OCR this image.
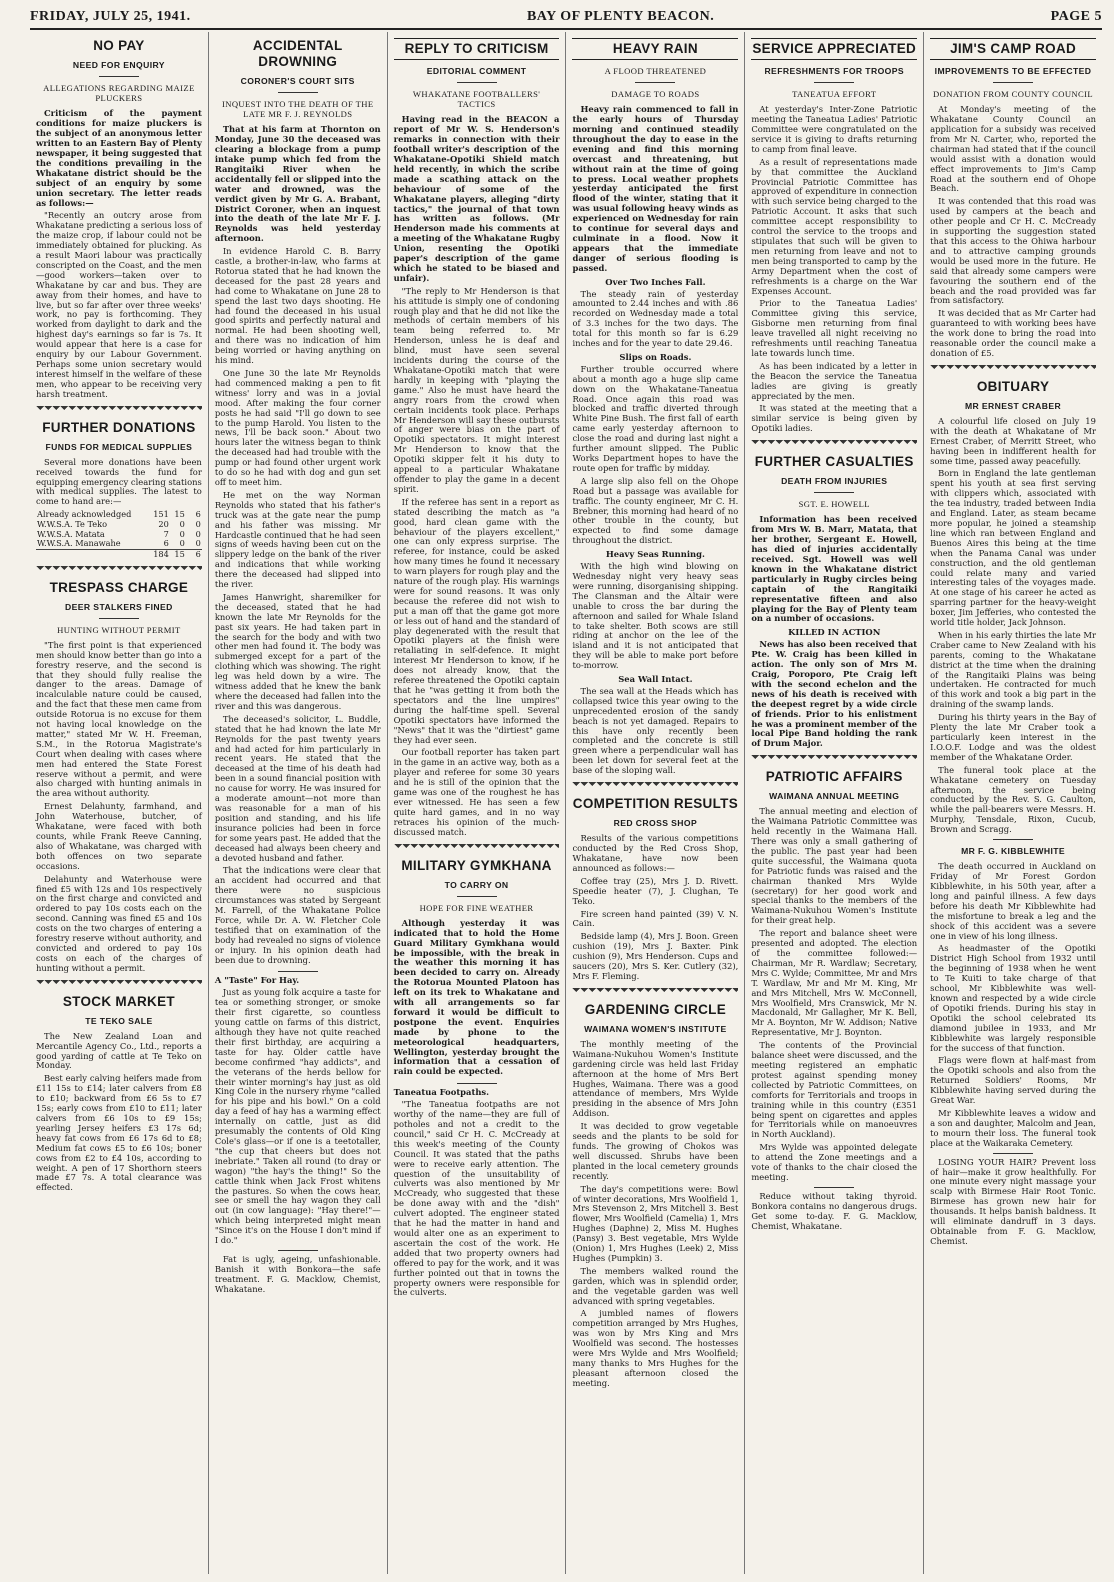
FRIDAY, JULY 25, 1941.	BAY OF PLENTY BEACON.	PAGE 5
NO PAY
NEED FOR ENQUIRY
ALLEGATIONS REGARDING MAIZE PLUCKERS

Criticism of the payment conditions for maize pluckers is the subject of an anonymous letter written to an Eastern Bay of Plenty newspaper, it being suggested that the conditions prevailing in the Whakatane district should be the subject of an enquiry by some union secretary. The letter reads as follows:—

"Recently an outcry arose from Whakatane predicting a serious loss of the maize crop, if labour could not be immediately obtained for plucking. As a result Maori labour was practically conscripted on the Coast, and the men—good workers—taken over to Whakatane by car and bus. They are away from their homes, and have to live, but so far after over three weeks' work, no pay is forthcoming. They worked from daylight to dark and the highest day's earnings so far is 7s. It would appear that here is a case for enquiry by our Labour Government. Perhaps some union secretary would interest himself in the welfare of these men, who appear to be receiving very harsh treatment.

FURTHER DONATIONS
FUNDS FOR MEDICAL SUPPLIES

Several more donations have been received towards the fund for equipping emergency clearing stations with medical supplies. The latest to come to hand are:—

Already acknowledged	151	15	6
W.W.S.A. Te Teko	20	0	0
W.W.S.A. Matata	7	0	0
W.W.S.A. Manawahe	6	0	0
	184	15	6
TRESPASS CHARGE
DEER STALKERS FINED
HUNTING WITHOUT PERMIT

"The first point is that experienced men should know better than go into a forestry reserve, and the second is that they should fully realise the danger to the areas. Damage of incalculable nature could be caused, and the fact that these men came from outside Rotorua is no excuse for them not having local knowledge on the matter," stated Mr W. H. Freeman, S.M., in the Rotorua Magistrate's Court when dealing with cases where men had entered the State Forest reserve without a permit, and were also charged with hunting animals in the area without authority.

Ernest Delahunty, farmhand, and John Waterhouse, butcher, of Whakatane, were faced with both counts, while Frank Reeve Canning, also of Whakatane, was charged with both offences on two separate occasions.

Delahunty and Waterhouse were fined £5 with 12s and 10s respectively on the first charge and convicted and ordered to pay 10s costs each on the second. Canning was fined £5 and 10s costs on the two charges of entering a forestry reserve without authority, and convicted and ordered to pay 10s costs on each of the charges of hunting without a permit.

STOCK MARKET
TE TEKO SALE

The New Zealand Loan and Mercantile Agency Co., Ltd., reports a good yarding of cattle at Te Teko on Monday.

Best early calving heifers made from £11 15s to £14; later calvers from £8 to £10; backward from £6 5s to £7 15s; early cows from £10 to £11; later calvers from £6 10s to £9 15s; yearling Jersey heifers £3 17s 6d; heavy fat cows from £6 17s 6d to £8; Medium fat cows £5 to £6 10s; boner cows from £2 to £4 10s, according to weight. A pen of 17 Shorthorn steers made £7 7s. A total clearance was effected.

ACCIDENTAL DROWNING
CORONER'S COURT SITS
INQUEST INTO THE DEATH OF THE LATE MR F. J. REYNOLDS

That at his farm at Thornton on Monday, June 30 the deceased was clearing a blockage from a pump intake pump which fed from the Rangitaiki River when he accidentally fell or slipped into the water and drowned, was the verdict given by Mr G. A. Brabant, District Coroner, when an inquest into the death of the late Mr F. J. Reynolds was held yesterday afternoon.

In evidence Harold C. B. Barry castle, a brother-in-law, who farms at Rotorua stated that he had known the deceased for the past 28 years and had come to Whakatane on June 28 to spend the last two days shooting. He had found the deceased in his usual good spirits and perfectly natural and normal. He had been shooting well, and there was no indication of him being worried or having anything on his mind.

One June 30 the late Mr Reynolds had commenced making a pen to fit witness' lorry and was in a jovial mood. After making the four corner posts he had said "I'll go down to see to the pump Harold. You listen to the news, I'll be back soon." About two hours later the witness began to think the deceased had had trouble with the pump or had found other urgent work to do so he had with dog and gun set off to meet him.

He met on the way Norman Reynolds who stated that his father's truck was at the gate near the pump and his father was missing. Mr Hardcastle continued that he had seen signs of weeds having been cut on the slippery ledge on the bank of the river and indications that while working there the deceased had slipped into the river.

James Hanwright, sharemilker for the deceased, stated that he had known the late Mr Reynolds for the past six years. He had taken part in the search for the body and with two other men had found it. The body was submerged except for a part of the clothing which was showing. The right leg was held down by a wire. The witness added that he knew the bank where the deceased had fallen into the river and this was dangerous.

The deceased's solicitor, L. Buddle, stated that he had known the late Mr Reynolds for the past twenty years and had acted for him particularly in recent years. He stated that the deceased at the time of his death had been in a sound financial position with no cause for worry. He was insured for a moderate amount—not more than was reasonable for a man of his position and standing, and his life insurance policies had been in force for some years past. He added that the deceased had always been cheery and a devoted husband and father.

That the indications were clear that an accident had occurred and that there were no suspicious circumstances was stated by Sergeant M. Farrell, of the Whakatane Police Force, while Dr. A. W. Fletcher Cole testified that on examination of the body had revealed no signs of violence or injury. In his opinion death had been due to drowning.

A "Taste" For Hay.

Just as young folk acquire a taste for tea or something stronger, or smoke their first cigarette, so countless young cattle on farms of this district, although they have not quite reached their first birthday, are acquiring a taste for hay. Older cattle have become confirmed "hay addicts", and the veterans of the herds bellow for their winter morning's hay just as old King Cole in the nursery rhyme "called for his pipe and his bowl." On a cold day a feed of hay has a warming effect internally on cattle, just as did presumably the contents of Old King Cole's glass—or if one is a teetotaller, "the cup that cheers but does not inebriate." Taken all round (to dray or wagon) "the hay's the thing!" So the cattle think when Jack Frost whitens the pastures. So when the cows hear, see or smell the hay wagon they call out (in cow language): "Hay there!"—which being interpreted might mean "Since it's on the House I don't mind if I do."

Fat is ugly, ageing, unfashionable. Banish it with Bonkora—the safe treatment. F. G. Macklow, Chemist, Whakatane.

REPLY TO CRITICISM
EDITORIAL COMMENT
WHAKATANE FOOTBALLERS' TACTICS

Having read in the BEACON a report of Mr W. S. Henderson's remarks in connection with their football writer's description of the Whakatane-Opotiki Shield match held recently, in which the scribe made a scathing attack on the behaviour of some of the Whakatane players, alleging "dirty tactics," the journal of that town has written as follows. (Mr Henderson made his comments at a meeting of the Whakatane Rugby Union, resenting the Opotiki paper's description of the game which he stated to be biased and unfair).

"The reply to Mr Henderson is that his attitude is simply one of condoning rough play and that he did not like the methods of certain members of his team being referred to. Mr Henderson, unless he is deaf and blind, must have seen several incidents during the course of the Whakatane-Opotiki match that were hardly in keeping with "playing the game." Also he must have heard the angry roars from the crowd when certain incidents took place. Perhaps Mr Henderson will say these outbursts of anger were bias on the part of Opotiki spectators. It might interest Mr Henderson to know that the Opotiki skipper felt it his duty to appeal to a particular Whakatane offender to play the game in a decent spirit.

If the referee has sent in a report as stated describing the match as "a good, hard clean game with the behaviour of the players excellent," one can only express surprise. The referee, for instance, could be asked how many times he found it necessary to warn players for rough play and the nature of the rough play. His warnings were for sound reasons. It was only because the referee did not wish to put a man off that the game got more or less out of hand and the standard of play degenerated with the result that Opotiki players at the finish were retaliating in self-defence. It might interest Mr Henderson to know, if he does not already know, that the referee threatened the Opotiki captain that he "was getting it from both the spectators and the line umpires" during the half-time spell. Several Opotiki spectators have informed the "News" that it was the "dirtiest" game they had ever seen.

Our football reporter has taken part in the game in an active way, both as a player and referee for some 30 years and he is still of the opinion that the game was one of the roughest he has ever witnessed. He has seen a few quite hard games, and in no way retraces his opinion of the much-discussed match.

MILITARY GYMKHANA
TO CARRY ON
HOPE FOR FINE WEATHER

Although yesterday it was indicated that to hold the Home Guard Military Gymkhana would be impossible, with the break in the weather this morning it has been decided to carry on. Already the Rotorua Mounted Platoon has left on its trek to Whakatane and with all arrangements so far forward it would be difficult to postpone the event. Enquiries made by phone to the meteorological headquarters, Wellington, yesterday brought the information that a cessation of rain could be expected.

Taneatua Footpaths.

"The Taneatua footpaths are not worthy of the name—they are full of potholes and not a credit to the council," said Cr H. C. McCready at this week's meeting of the County Council. It was stated that the paths were to receive early attention. The question of the unsuitability of culverts was also mentioned by Mr McCready, who suggested that these be done away with and the "dish" culvert adopted. The engineer stated that he had the matter in hand and would alter one as an experiment to ascertain the cost of the work. He added that two property owners had offered to pay for the work, and it was further pointed out that in towns the property owners were responsible for the culverts.

HEAVY RAIN
A FLOOD THREATENED
DAMAGE TO ROADS

Heavy rain commenced to fall in the early hours of Thursday morning and continued steadily throughout the day to ease in the evening and find this morning overcast and threatening, but without rain at the time of going to press. Local weather prophets yesterday anticipated the first flood of the winter, stating that it was usual following heavy winds as experienced on Wednesday for rain to continue for several days and culminate in a flood. Now it appears that the immediate danger of serious flooding is passed.

Over Two Inches Fall.

The steady rain of yesterday amounted to 2.44 inches and with .86 recorded on Wednesday made a total of 3.3 inches for the two days. The total for this month so far is 6.29 inches and for the year to date 29.46.

Slips on Roads.

Further trouble occurred where about a month ago a huge slip came down on the Whakatane-Taneatua Road. Once again this road was blocked and traffic diverted through White Pine Bush. The first fall of earth came early yesterday afternoon to close the road and during last night a further amount slipped. The Public Works Department hopes to have the route open for traffic by midday.

A large slip also fell on the Ohope Road but a passage was available for traffic. The county engineer, Mr C. H. Brebner, this morning had heard of no other trouble in the county, but expected to find some damage throughout the district.

Heavy Seas Running.

With the high wind blowing on Wednesday night very heavy seas were running, disorganising shipping. The Clansman and the Altair were unable to cross the bar during the afternoon and sailed for Whale Island to take shelter. Both scows are still riding at anchor on the lee of the island and it is not anticipated that they will be able to make port before to-morrow.

Sea Wall Intact.

The sea wall at the Heads which has collapsed twice this year owing to the unprecedented erosion of the sandy beach is not yet damaged. Repairs to this have only recently been completed and the concrete is still green where a perpendicular wall has been let down for several feet at the base of the sloping wall.

COMPETITION RESULTS
RED CROSS SHOP

Results of the various competitions conducted by the Red Cross Shop, Whakatane, have now been announced as follows:—

Coffee tray (25), Mrs J. D. Rivett. Speedie heater (7), J. Clughan, Te Teko.

Fire screen hand painted (39) V. N. Cain.

Bedside lamp (4), Mrs J. Boon. Green cushion (19), Mrs J. Baxter. Pink cushion (9), Mrs Henderson. Cups and saucers (20), Mrs S. Ker. Cutlery (32), Mrs F. Fleming.

GARDENING CIRCLE
WAIMANA WOMEN'S INSTITUTE

The monthly meeting of the Waimana-Nukuhou Women's Institute gardening circle was held last Friday afternoon at the home of Mrs Bert Hughes, Waimana. There was a good attendance of members, Mrs Wylde presiding in the absence of Mrs John Addison.

It was decided to grow vegetable seeds and the plants to be sold for funds. The growing of Chokos was well discussed. Shrubs have been planted in the local cemetery grounds recently.

The day's competitions were: Bowl of winter decorations, Mrs Woolfield 1, Mrs Stevenson 2, Mrs Mitchell 3. Best flower, Mrs Woolfield (Camelia) 1, Mrs Hughes (Daphne) 2, Miss M. Hughes (Pansy) 3. Best vegetable, Mrs Wylde (Onion) 1, Mrs Hughes (Leek) 2, Miss Hughes (Pumpkin) 3.

The members walked round the garden, which was in splendid order, and the vegetable garden was well advanced with spring vegetables.

A jumbled names of flowers competition arranged by Mrs Hughes, was won by Mrs King and Mrs Woolfield was second. The hostesses were Mrs Wylde and Mrs Woolfield; many thanks to Mrs Hughes for the pleasant afternoon closed the meeting.

SERVICE APPRECIATED
REFRESHMENTS FOR TROOPS
TANEATUA EFFORT

At yesterday's Inter-Zone Patriotic meeting the Taneatua Ladies' Patriotic Committee were congratulated on the service it is giving to drafts returning to camp from final leave.

As a result of representations made by that committee the Auckland Provincial Patriotic Committee has approved of expenditure in connection with such service being charged to the Patriotic Account. It asks that such committee accept responsibility to control the service to the troops and stipulates that such will be given to men returning from leave and not to men being transported to camp by the Army Department when the cost of refreshments is a charge on the War Expenses Account.

Prior to the Taneatua Ladies' Committee giving this service, Gisborne men returning from final leave travelled all night receiving no refreshments until reaching Taneatua late towards lunch time.

As has been indicated by a letter in the Beacon the service the Taneatua ladies are giving is greatly appreciated by the men.

It was stated at the meeting that a similar service is being given by Opotiki ladies.

FURTHER CASUALTIES
DEATH FROM INJURIES
SGT. E. HOWELL

Information has been received from Mrs W. B. Marr, Matata, that her brother, Sergeant E. Howell, has died of injuries accidentally received. Sgt. Howell was well known in the Whakatane district particularly in Rugby circles being captain of the Rangitaiki representative fifteen and also playing for the Bay of Plenty team on a number of occasions.

KILLED IN ACTION

News has also been received that Pte. W. Craig has been killed in action. The only son of Mrs M. Craig, Poroporo, Pte Craig left with the second echelon and the news of his death is received with the deepest regret by a wide circle of friends. Prior to his enlistment he was a prominent member of the local Pipe Band holding the rank of Drum Major.

PATRIOTIC AFFAIRS
WAIMANA ANNUAL MEETING

The annual meeting and election of the Waimana Patriotic Committee was held recently in the Waimana Hall. There was only a small gathering of the public. The past year had been quite successful, the Waimana quota for Patriotic funds was raised and the chairman thanked Mrs Wylde (secretary) for her good work and special thanks to the members of the Waimana-Nukuhou Women's Institute for their great help.

The report and balance sheet were presented and adopted. The election of the committee followed:—Chairman, Mr R. Wardlaw; Secretary, Mrs C. Wylde; Committee, Mr and Mrs T. Wardlaw, Mr and Mr M. King, Mr and Mrs Mitchell, Mrs W. McConnell, Mrs Woolfield, Mrs Cranswick, Mr N. Macdonald, Mr Gallagher, Mr K. Bell, Mr A. Boynton, Mr W. Addison; Native Representative, Mr J. Boynton.

The contents of the Provincial balance sheet were discussed, and the meeting registered an emphatic protest against spending money collected by Patriotic Committees, on comforts for Territorials and troops in training while in this country (£351 being spent on cigarettes and apples for Territorials while on manoeuvres in North Auckland).

Mrs Wylde was appointed delegate to attend the Zone meetings and a vote of thanks to the chair closed the meeting.

Reduce without taking thyroid. Bonkora contains no dangerous drugs. Get some to-day. F. G. Macklow, Chemist, Whakatane.

JIM'S CAMP ROAD
IMPROVEMENTS TO BE EFFECTED
DONATION FROM COUNTY COUNCIL

At Monday's meeting of the Whakatane County Council an application for a subsidy was received from Mr N. Carter, who, reported the chairman had stated that if the council would assist with a donation would effect improvements to Jim's Camp Road at the southern end of Ohope Beach.

It was contended that this road was used by campers at the beach and other people and Cr H. C. McCready in supporting the suggestion stated that this access to the Ohiwa harbour and to attractive camping grounds would be used more in the future. He said that already some campers were favouring the southern end of the beach and the road provided was far from satisfactory.

It was decided that as Mr Carter had guaranteed to with working bees have the work done to bring the road into reasonable order the council make a donation of £5.

OBITUARY
MR ERNEST CRABER

A colourful life closed on July 19 with the death at Whakatane of Mr Ernest Craber, of Merritt Street, who having been in indifferent health for some time, passed away peacefully.

Born in England the late gentleman spent his youth at sea first serving with clippers which, associated with the tea industry, traded between India and England. Later, as steam became more popular, he joined a steamship line which ran between England and Buenos Aires this being at the time when the Panama Canal was under construction, and the old gentleman could relate many and varied interesting tales of the voyages made. At one stage of his career he acted as sparring partner for the heavy-weight boxer, Jim Jefferies, who contested the world title holder, Jack Johnson.

When in his early thirties the late Mr Craber came to New Zealand with his parents, coming to the Whakatane district at the time when the draining of the Rangitaiki Plains was being undertaken. He contracted for much of this work and took a big part in the draining of the swamp lands.

During his thirty years in the Bay of Plenty the late Mr Craber took a particularly keen interest in the I.O.O.F. Lodge and was the oldest member of the Whakatane Order.

The funeral took place at the Whakatane cemetery on Tuesday afternoon, the service being conducted by the Rev. S. G. Caulton, while the pall-bearers were Messrs. H. Murphy, Tensdale, Rixon, Cucub, Brown and Scragg.

MR F. G. KIBBLEWHITE

The death occurred in Auckland on Friday of Mr Forest Gordon Kibblewhite, in his 50th year, after a long and painful illness. A few days before his death Mr Kibblewhite had the misfortune to break a leg and the shock of this accident was a severe one in view of his long illness.

As headmaster of the Opotiki District High School from 1932 until the beginning of 1938 when he went to Te Kuiti to take charge of that school, Mr Kibblewhite was well-known and respected by a wide circle of Opotiki friends. During his stay in Opotiki the school celebrated its diamond jubilee in 1933, and Mr Kibblewhite was largely responsible for the success of that function.

Flags were flown at half-mast from the Opotiki schools and also from the Returned Soldiers' Rooms, Mr Kibblewhite having served during the Great War.

Mr Kibblewhite leaves a widow and a son and daughter, Malcolm and Jean, to mourn their loss. The funeral took place at the Waikaraka Cemetery.

LOSING YOUR HAIR? Prevent loss of hair—make it grow healthfully. For one minute every night massage your scalp with Birmese Hair Root Tonic. Birmese has grown new hair for thousands. It helps banish baldness. It will eliminate dandruff in 3 days. Obtainable from F. G. Macklow, Chemist.
